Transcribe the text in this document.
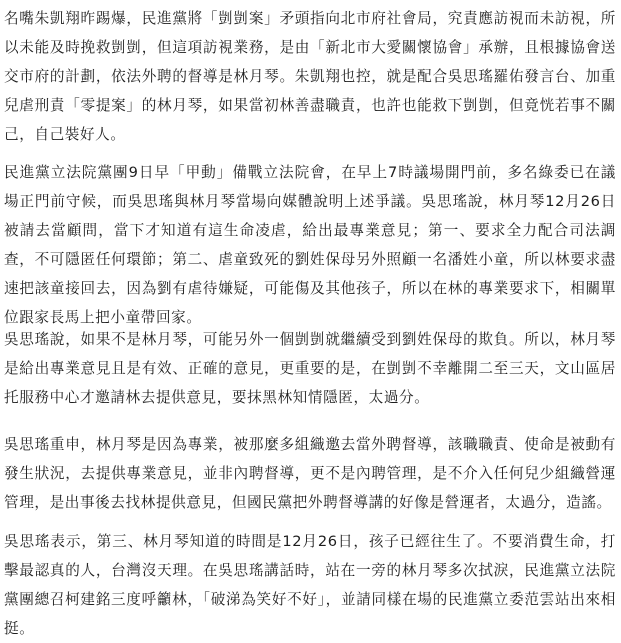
名嘴朱凱翔昨踢爆，民進黨將「剴剴案」矛頭指向北市府社會局，究責應訪視而未訪視，所以未能及時挽救剴剴，但這項訪視業務，是由「新北市大愛關懷協會」承辦，且根據協會送交市府的計劃，依法外聘的督導是林月琴。朱凱翔也控，就是配合吳思瑤羅佑發言台、加重兒虐刑責「零提案」的林月琴，如果當初林善盡職責，也許也能救下剴剴，但竟恍若事不關己，自己裝好人。

民進黨立法院黨團9日早「甲動」備戰立法院會，在早上7時議場開門前，多名綠委已在議場正門前守候，而吳思瑤與林月琴當場向媒體說明上述爭議。吳思瑤說，林月琴12月26日被請去當顧問，當下才知道有這生命凌虐，給出最專業意見；第一、要求全力配合司法調查，不可隱匿任何環節；第二、虐童致死的劉姓保母另外照顧一名潘姓小童，所以林要求盡速把該童接回去，因為劉有虐待嫌疑，可能傷及其他孩子，所以在林的專業要求下，相關單位跟家長馬上把小童帶回家。

吳思瑤說，如果不是林月琴，可能另外一個剴剴就繼續受到劉姓保母的欺負。所以，林月琴是給出專業意見且是有效、正確的意見，更重要的是，在剴剴不幸離開二至三天，文山區居托服務中心才邀請林去提供意見，要抹黑林知情隱匿，太過分。

吳思瑤重申，林月琴是因為專業，被那麼多組織邀去當外聘督導，該職職責、使命是被動有發生狀況，去提供專業意見，並非內聘督導，更不是內聘管理，是不介入任何兒少組織營運管理，是出事後去找林提供意見，但國民黨把外聘督導講的好像是營運者，太過分，造謠。

吳思瑤表示，第三、林月琴知道的時間是12月26日，孩子已經往生了。不要消費生命，打擊最認真的人，台灣沒天理。在吳思瑤講話時，站在一旁的林月琴多次拭淚，民進黨立法院黨團總召柯建銘三度呼籲林，「破涕為笑好不好」，並請同樣在場的民進黨立委范雲站出來相挺。
